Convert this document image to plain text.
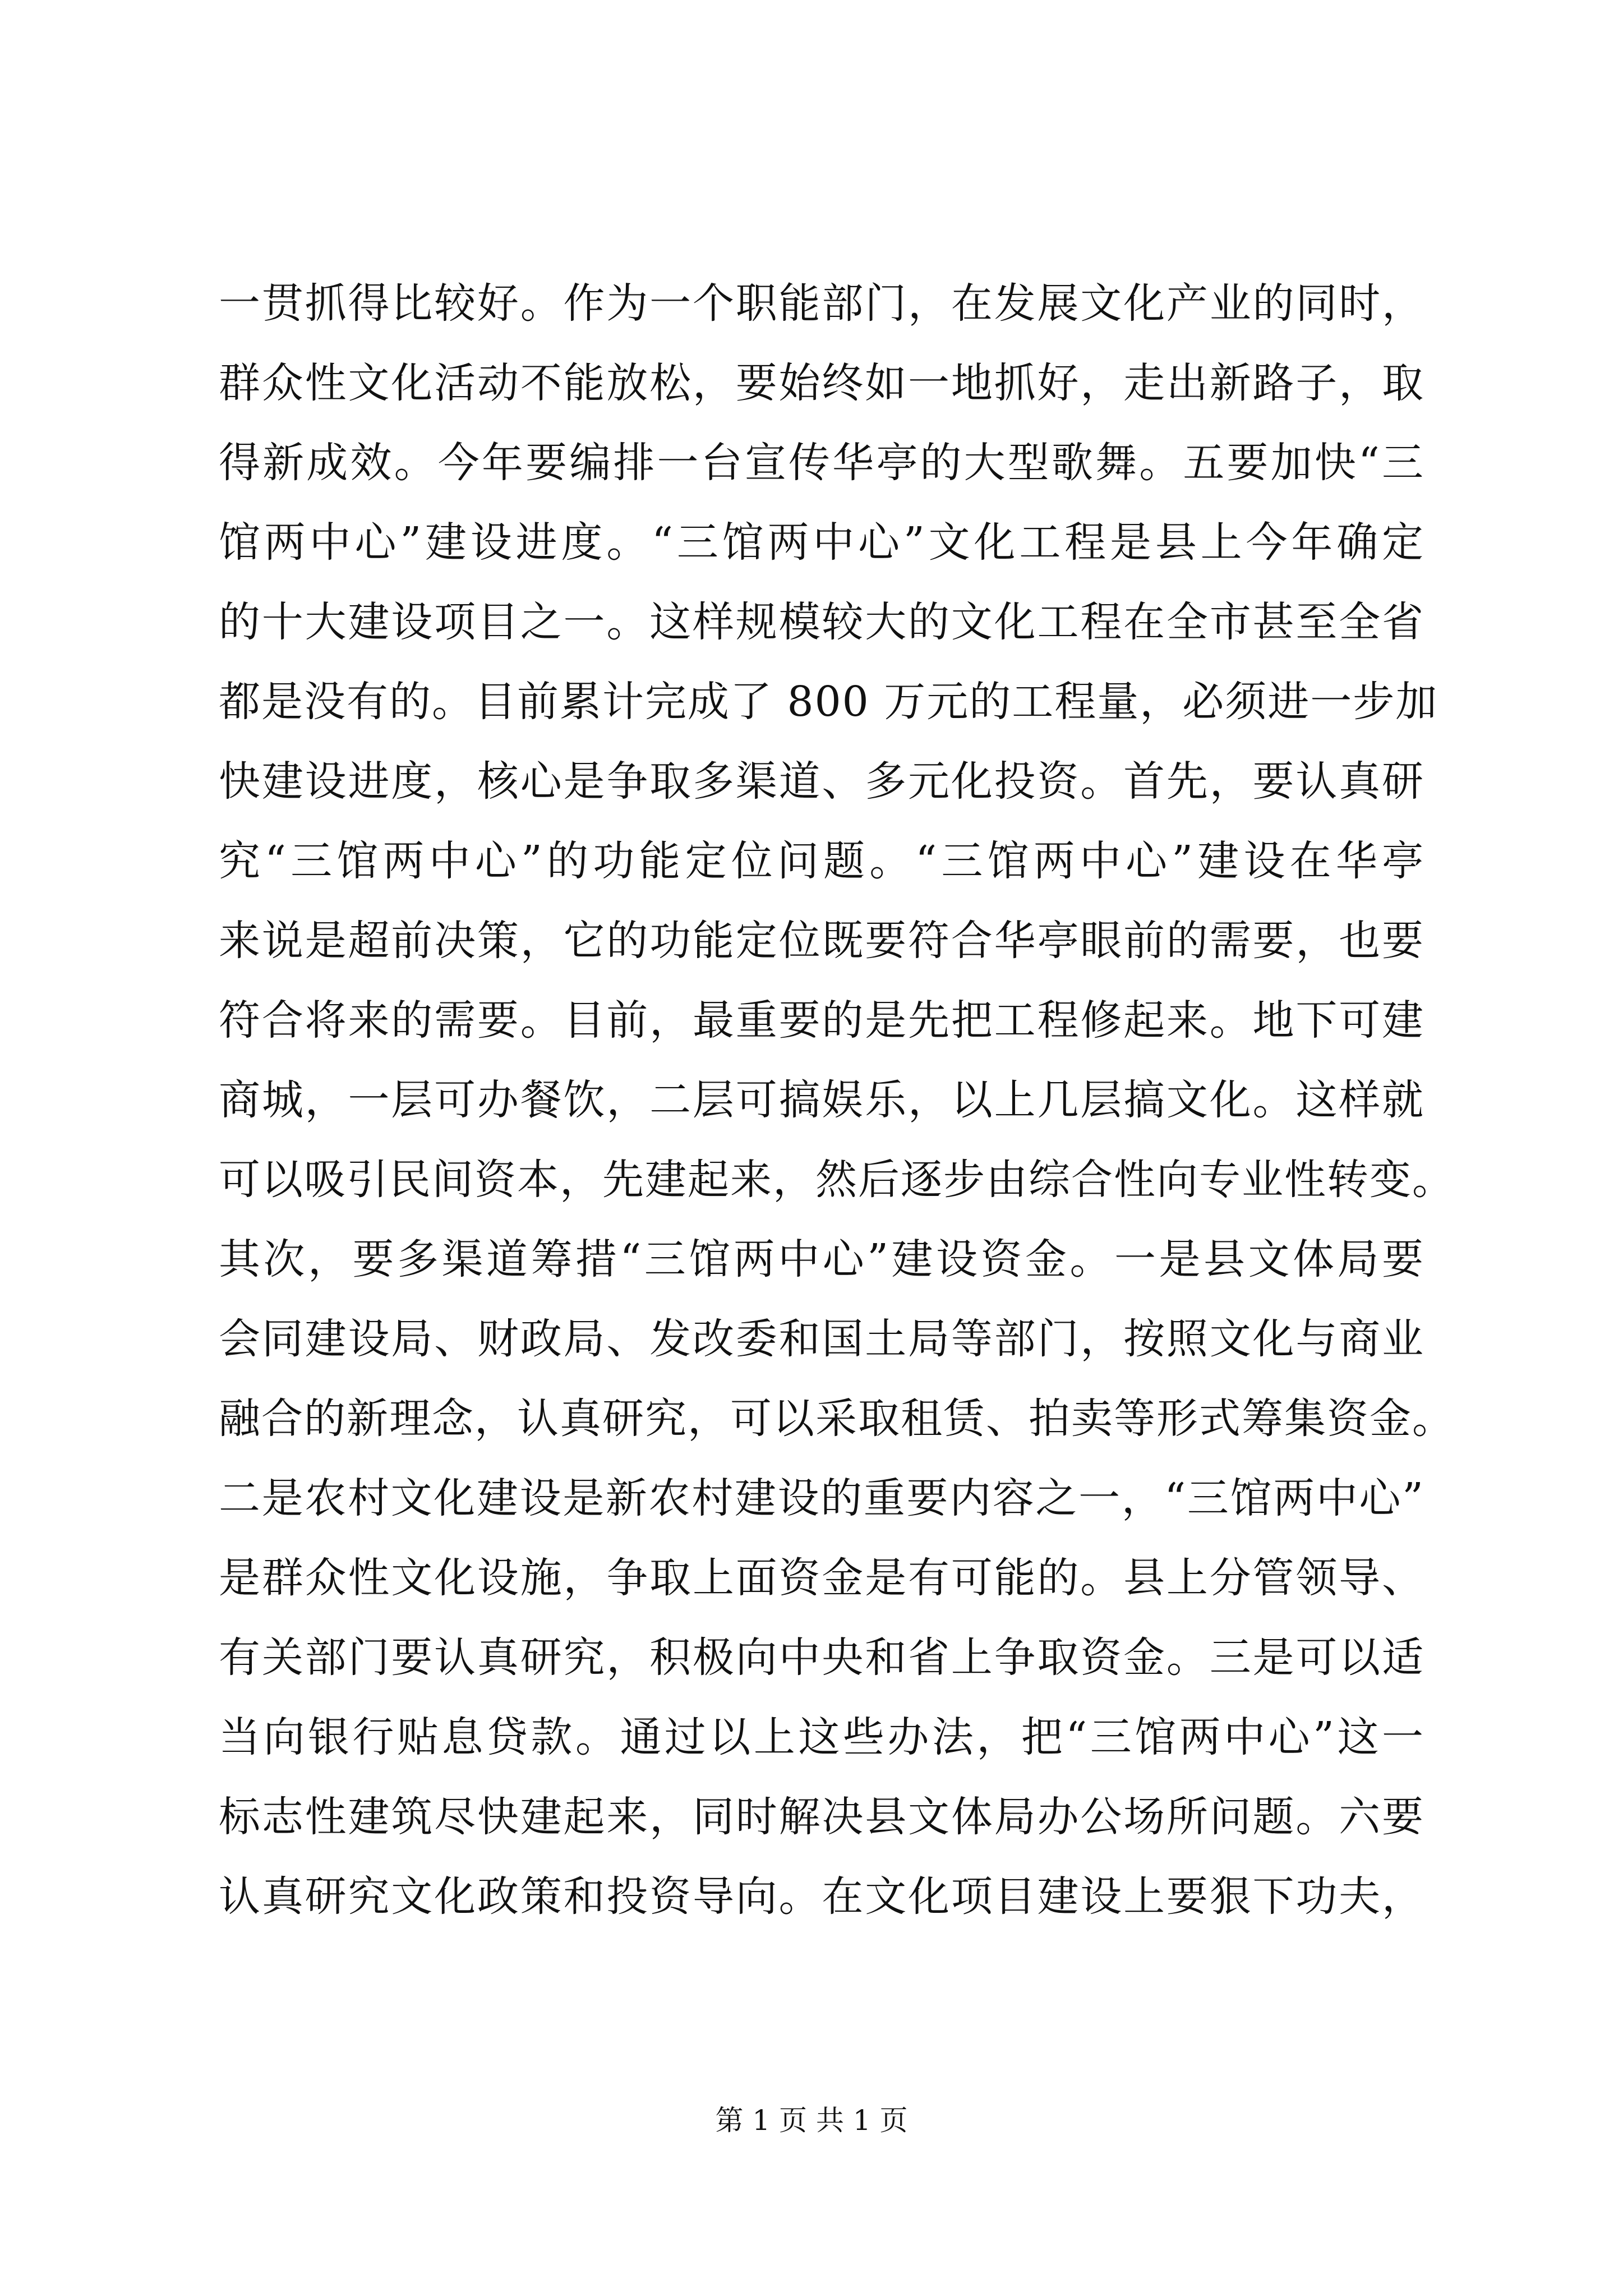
一贯抓得比较好。作为一个职能部门，在发展文化产业的同时，
群众性文化活动不能放松，要始终如一地抓好，走出新路子，取
得新成效。今年要编排一台宣传华亭的大型歌舞。五要加快“三
馆两中心”建设进度。“三馆两中心”文化工程是县上今年确定
的十大建设项目之一。这样规模较大的文化工程在全市甚至全省
都是没有的。目前累计完成了 800 万元的工程量，必须进一步加
快建设进度，核心是争取多渠道、多元化投资。首先，要认真研
究“三馆两中心”的功能定位问题。“三馆两中心”建设在华亭
来说是超前决策，它的功能定位既要符合华亭眼前的需要，也要
符合将来的需要。目前，最重要的是先把工程修起来。地下可建
商城，一层可办餐饮，二层可搞娱乐，以上几层搞文化。这样就
可以吸引民间资本，先建起来，然后逐步由综合性向专业性转变。
其次，要多渠道筹措“三馆两中心”建设资金。一是县文体局要
会同建设局、财政局、发改委和国土局等部门，按照文化与商业
融合的新理念，认真研究，可以采取租赁、拍卖等形式筹集资金。
二是农村文化建设是新农村建设的重要内容之一，“三馆两中心”
是群众性文化设施，争取上面资金是有可能的。县上分管领导、
有关部门要认真研究，积极向中央和省上争取资金。三是可以适
当向银行贴息贷款。通过以上这些办法，把“三馆两中心”这一
标志性建筑尽快建起来，同时解决县文体局办公场所问题。六要
认真研究文化政策和投资导向。在文化项目建设上要狠下功夫，
第 1 页 共 1 页
